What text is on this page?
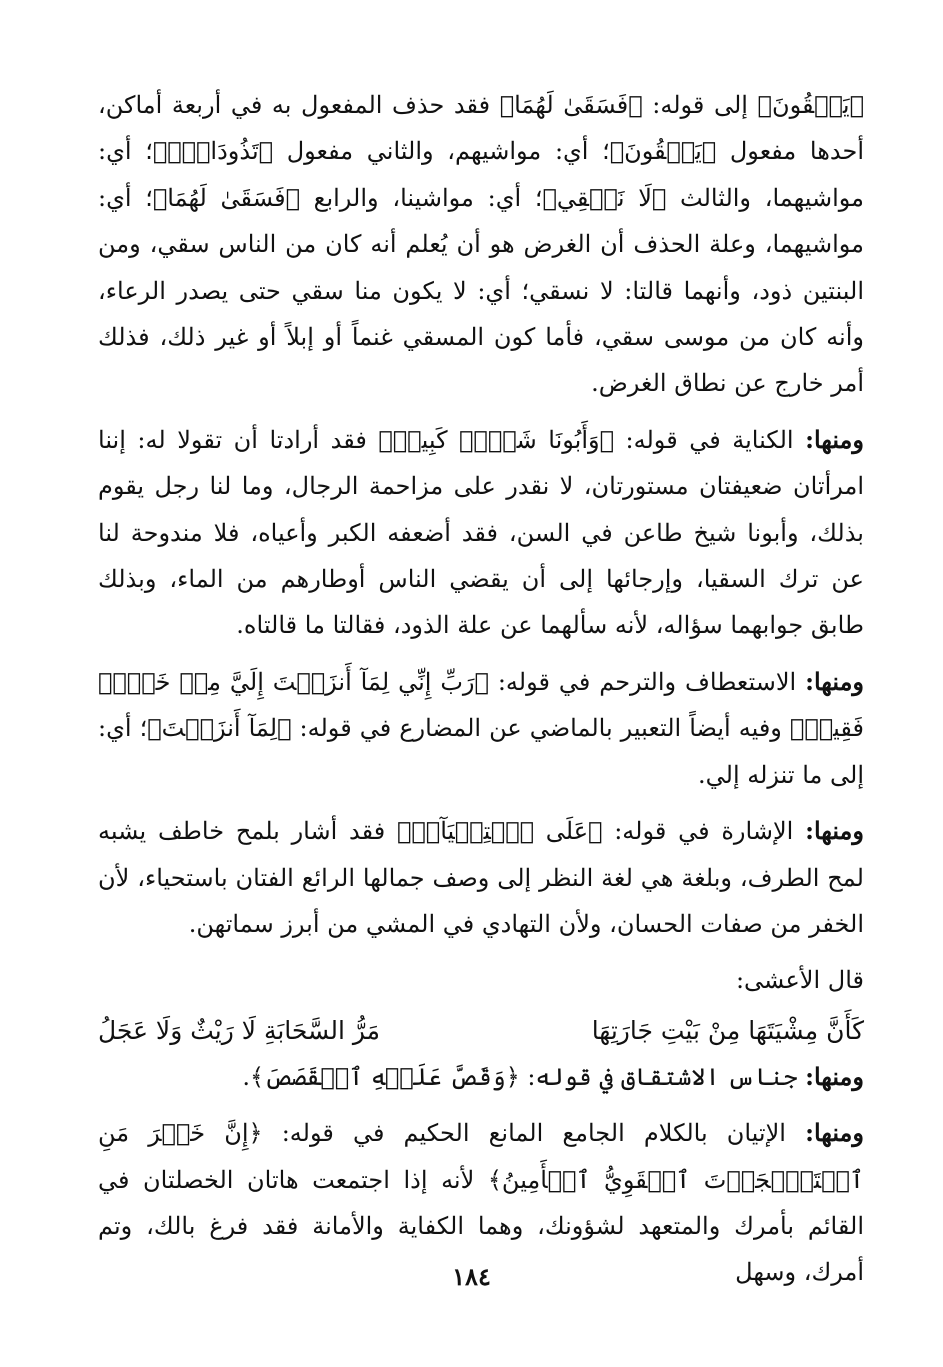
﴿يَسۡقُونَ﴾ إلى قوله: ﴿فَسَقَىٰ لَهُمَا﴾ فقد حذف المفعول به في أربعة أماكن، أحدها مفعول ﴿يَسۡقُونَ﴾؛ أي: مواشيهم، والثاني مفعول ﴿تَذُودَانِۖ﴾؛ أي: مواشيهما، والثالث ﴿لَا نَسۡقِي﴾؛ أي: مواشينا، والرابع ﴿فَسَقَىٰ لَهُمَا﴾؛ أي: مواشيهما، وعلة الحذف أن الغرض هو أن يُعلم أنه كان من الناس سقي، ومن البنتين ذود، وأنهما قالتا: لا نسقي؛ أي: لا يكون منا سقي حتى يصدر الرعاء، وأنه كان من موسى سقي، فأما كون المسقي غنماً أو إبلاً أو غير ذلك، فذلك أمر خارج عن نطاق الغرض.

ومنها: الكناية في قوله: ﴿وَأَبُونَا شَيۡخٞ كَبِيرٞ﴾ فقد أرادتا أن تقولا له: إننا امرأتان ضعيفتان مستورتان، لا نقدر على مزاحمة الرجال، وما لنا رجل يقوم بذلك، وأبونا شيخ طاعن في السن، فقد أضعفه الكبر وأعياه، فلا مندوحة لنا عن ترك السقيا، وإرجائها إلى أن يقضي الناس أوطارهم من الماء، وبذلك طابق جوابهما سؤاله، لأنه سألهما عن علة الذود، فقالتا ما قالتاه.

ومنها: الاستعطاف والترحم في قوله: ﴿رَبِّ إِنِّي لِمَآ أَنزَلۡتَ إِلَيَّ مِنۡ خَيۡرٖ فَقِيرٞ﴾ وفيه أيضاً التعبير بالماضي عن المضارع في قوله: ﴿لِمَآ أَنزَلۡتَ﴾؛ أي: إلى ما تنزله إلي.

ومنها: الإشارة في قوله: ﴿عَلَى ٱسۡتِحۡيَآءٖ﴾ فقد أشار بلمح خاطف يشبه لمح الطرف، وبلغة هي لغة النظر إلى وصف جمالها الرائع الفتان باستحياء، لأن الخفر من صفات الحسان، ولأن التهادي في المشي من أبرز سماتهن.

قال الأعشى:

كَأَنَّ مِشْيَتَهَا مِنْ بَيْتِ جَارَتِهَا
مَرُّ السَّحَابَةِ لَا رَيْثٌ وَلَا عَجَلُ

ومنها: جناس الاشتقاق في قوله: ﴿وَقَصَّ عَلَيۡهِ ٱلۡقَصَصَ﴾.

ومنها: الإتيان بالكلام الجامع المانع الحكيم في قوله: ﴿إِنَّ خَيۡرَ مَنِ ٱسۡتَـٔۡجَرۡتَ ٱلۡقَوِيُّ ٱلۡأَمِينُ﴾ لأنه إذا اجتمعت هاتان الخصلتان في القائم بأمرك والمتعهد لشؤونك، وهما الكفاية والأمانة فقد فرغ بالك، وتم أمرك، وسهل

١٨٤
